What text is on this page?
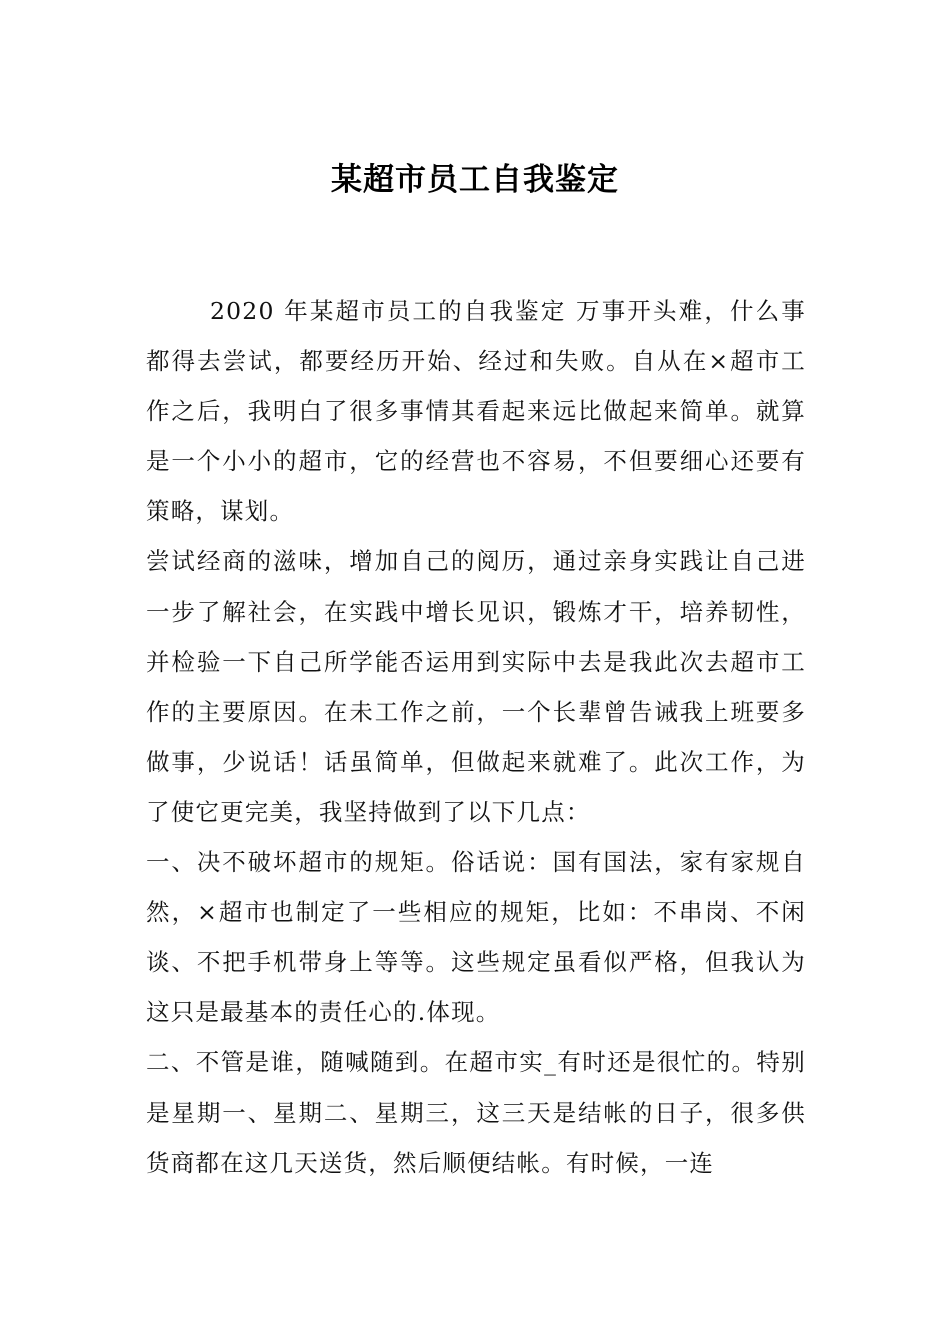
某超市员工自我鉴定

2020 年某超市员工的自我鉴定 万事开头难，什么事都得去尝试，都要经历开始、经过和失败。自从在×超市工作之后，我明白了很多事情其看起来远比做起来简单。就算是一个小小的超市，它的经营也不容易，不但要细心还要有策略，谋划。

尝试经商的滋味，增加自己的阅历，通过亲身实践让自己进一步了解社会，在实践中增长见识，锻炼才干，培养韧性，并检验一下自己所学能否运用到实际中去是我此次去超市工作的主要原因。在未工作之前，一个长辈曾告诫我上班要多做事，少说话！话虽简单，但做起来就难了。此次工作，为了使它更完美，我坚持做到了以下几点：

一、决不破坏超市的规矩。俗话说：国有国法，家有家规自然，×超市也制定了一些相应的规矩，比如：不串岗、不闲谈、不把手机带身上等等。这些规定虽看似严格，但我认为这只是最基本的责任心的.体现。

二、不管是谁，随喊随到。在超市实_有时还是很忙的。特别是星期一、星期二、星期三，这三天是结帐的日子，很多供货商都在这几天送货，然后顺便结帐。有时候，一连
